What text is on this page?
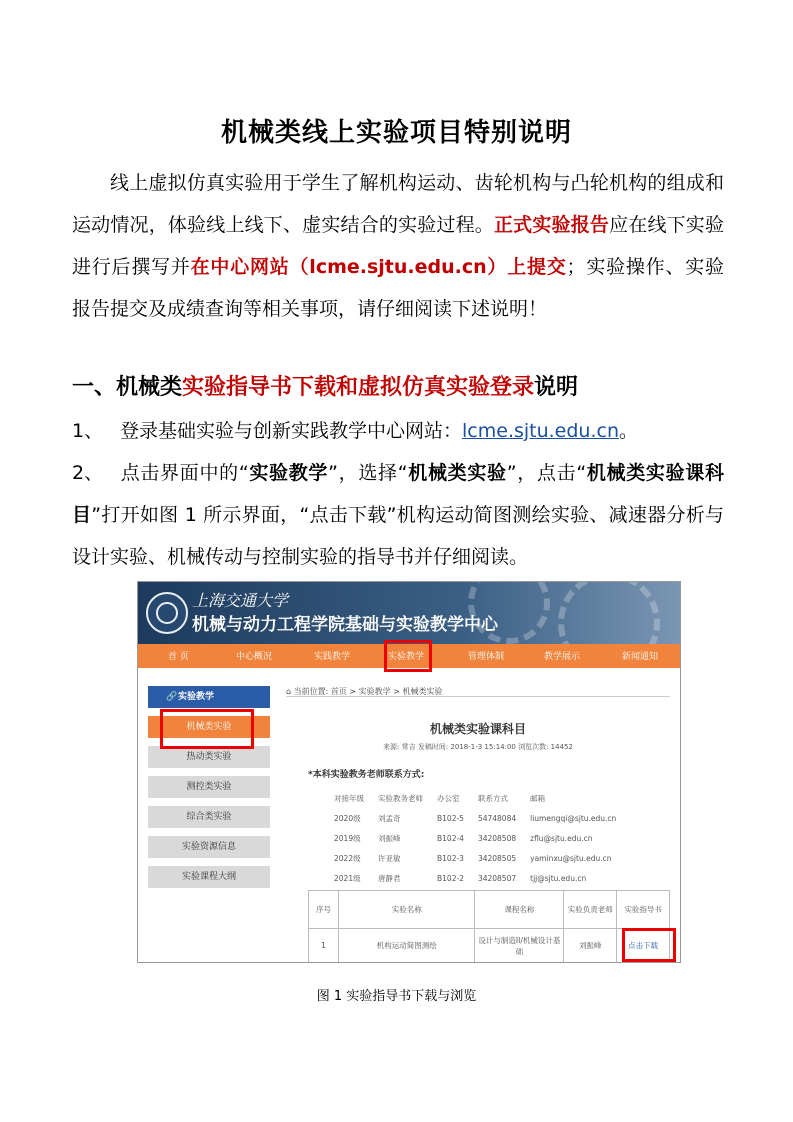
机械类线上实验项目特别说明
线上虚拟仿真实验用于学生了解机构运动、齿轮机构与凸轮机构的组成和运动情况，体验线上线下、虚实结合的实验过程。正式实验报告应在线下实验进行后撰写并在中心网站（lcme.sjtu.edu.cn）上提交；实验操作、实验报告提交及成绩查询等相关事项，请仔细阅读下述说明！
一、机械类实验指导书下载和虚拟仿真实验登录说明
1、 登录基础实验与创新实践教学中心网站：lcme.sjtu.edu.cn。
2、 点击界面中的“实验教学”，选择“机械类实验”，点击“机械类实验课科目”打开如图 1 所示界面，“点击下载”机构运动简图测绘实验、减速器分析与设计实验、机械传动与控制实验的指导书并仔细阅读。
上海交通大学
机械与动力工程学院基础与实验教学中心
首 页	中心概况	实践教学	实验教学	管理体制	教学展示	新闻通知
🔗 实验教学
机械类实验
热动类实验
测控类实验
综合类实验
实验资源信息
实验课程大纲
⌂ 当前位置: 首页 > 实验教学 > 机械类实验
机械类实验课科目
来源: 常吉 发稿时间: 2018-1-3 15:14:00 浏览次数: 14452
*本科实验教务老师联系方式:
对接年级	实验教务老师	办公室	联系方式	邮箱
2020级	刘孟奇	B102-5	54748084	liumengqi@sjtu.edu.cn
2019级	刘振峰	B102-4	34208508	zflu@sjtu.edu.cn
2022级	许亚敏	B102-3	34208505	yaminxu@sjtu.edu.cn
2021级	唐静君	B102-2	34208507	tjj@sjtu.edu.cn
序号	实验名称	课程名称	实验负责老师	实验指导书
1	机构运动简图测绘	设计与制造II/机械设计基础	刘振峰	点击下载
图 1 实验指导书下载与浏览
